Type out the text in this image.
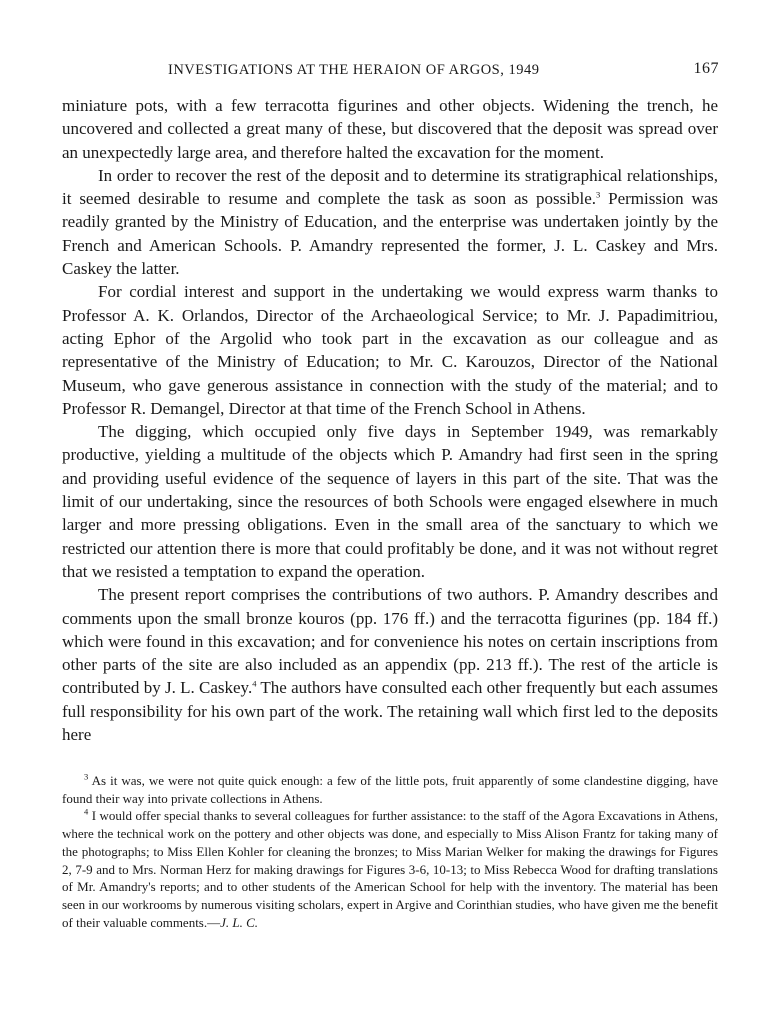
INVESTIGATIONS AT THE HERAION OF ARGOS, 1949	167

miniature pots, with a few terracotta figurines and other objects. Widening the trench, he uncovered and collected a great many of these, but discovered that the deposit was spread over an unexpectedly large area, and therefore halted the excavation for the moment.

In order to recover the rest of the deposit and to determine its stratigraphical relationships, it seemed desirable to resume and complete the task as soon as possible.$^3$ Permission was readily granted by the Ministry of Education, and the enterprise was undertaken jointly by the French and American Schools. P. Amandry represented the former, J. L. Caskey and Mrs. Caskey the latter.

For cordial interest and support in the undertaking we would express warm thanks to Professor A. K. Orlandos, Director of the Archaeological Service; to Mr. J. Papadimitriou, acting Ephor of the Argolid who took part in the excavation as our colleague and as representative of the Ministry of Education; to Mr. C. Karouzos, Director of the National Museum, who gave generous assistance in connection with the study of the material; and to Professor R. Demangel, Director at that time of the French School in Athens.

The digging, which occupied only five days in September 1949, was remarkably productive, yielding a multitude of the objects which P. Amandry had first seen in the spring and providing useful evidence of the sequence of layers in this part of the site. That was the limit of our undertaking, since the resources of both Schools were engaged elsewhere in much larger and more pressing obligations. Even in the small area of the sanctuary to which we restricted our attention there is more that could profitably be done, and it was not without regret that we resisted a temptation to expand the operation.

The present report comprises the contributions of two authors. P. Amandry describes and comments upon the small bronze kouros (pp. 176 ff.) and the terracotta figurines (pp. 184 ff.) which were found in this excavation; and for convenience his notes on certain inscriptions from other parts of the site are also included as an appendix (pp. 213 ff.). The rest of the article is contributed by J. L. Caskey.$^4$ The authors have consulted each other frequently but each assumes full responsibility for his own part of the work. The retaining wall which first led to the deposits here

$^3$ As it was, we were not quite quick enough: a few of the little pots, fruit apparently of some clandestine digging, have found their way into private collections in Athens.

$^4$ I would offer special thanks to several colleagues for further assistance: to the staff of the Agora Excavations in Athens, where the technical work on the pottery and other objects was done, and especially to Miss Alison Frantz for taking many of the photographs; to Miss Ellen Kohler for cleaning the bronzes; to Miss Marian Welker for making the drawings for Figures 2, 7-9 and to Mrs. Norman Herz for making drawings for Figures 3-6, 10-13; to Miss Rebecca Wood for drafting translations of Mr. Amandry's reports; and to other students of the American School for help with the inventory. The material has been seen in our workrooms by numerous visiting scholars, expert in Argive and Corinthian studies, who have given me the benefit of their valuable comments.—J. L. C.
